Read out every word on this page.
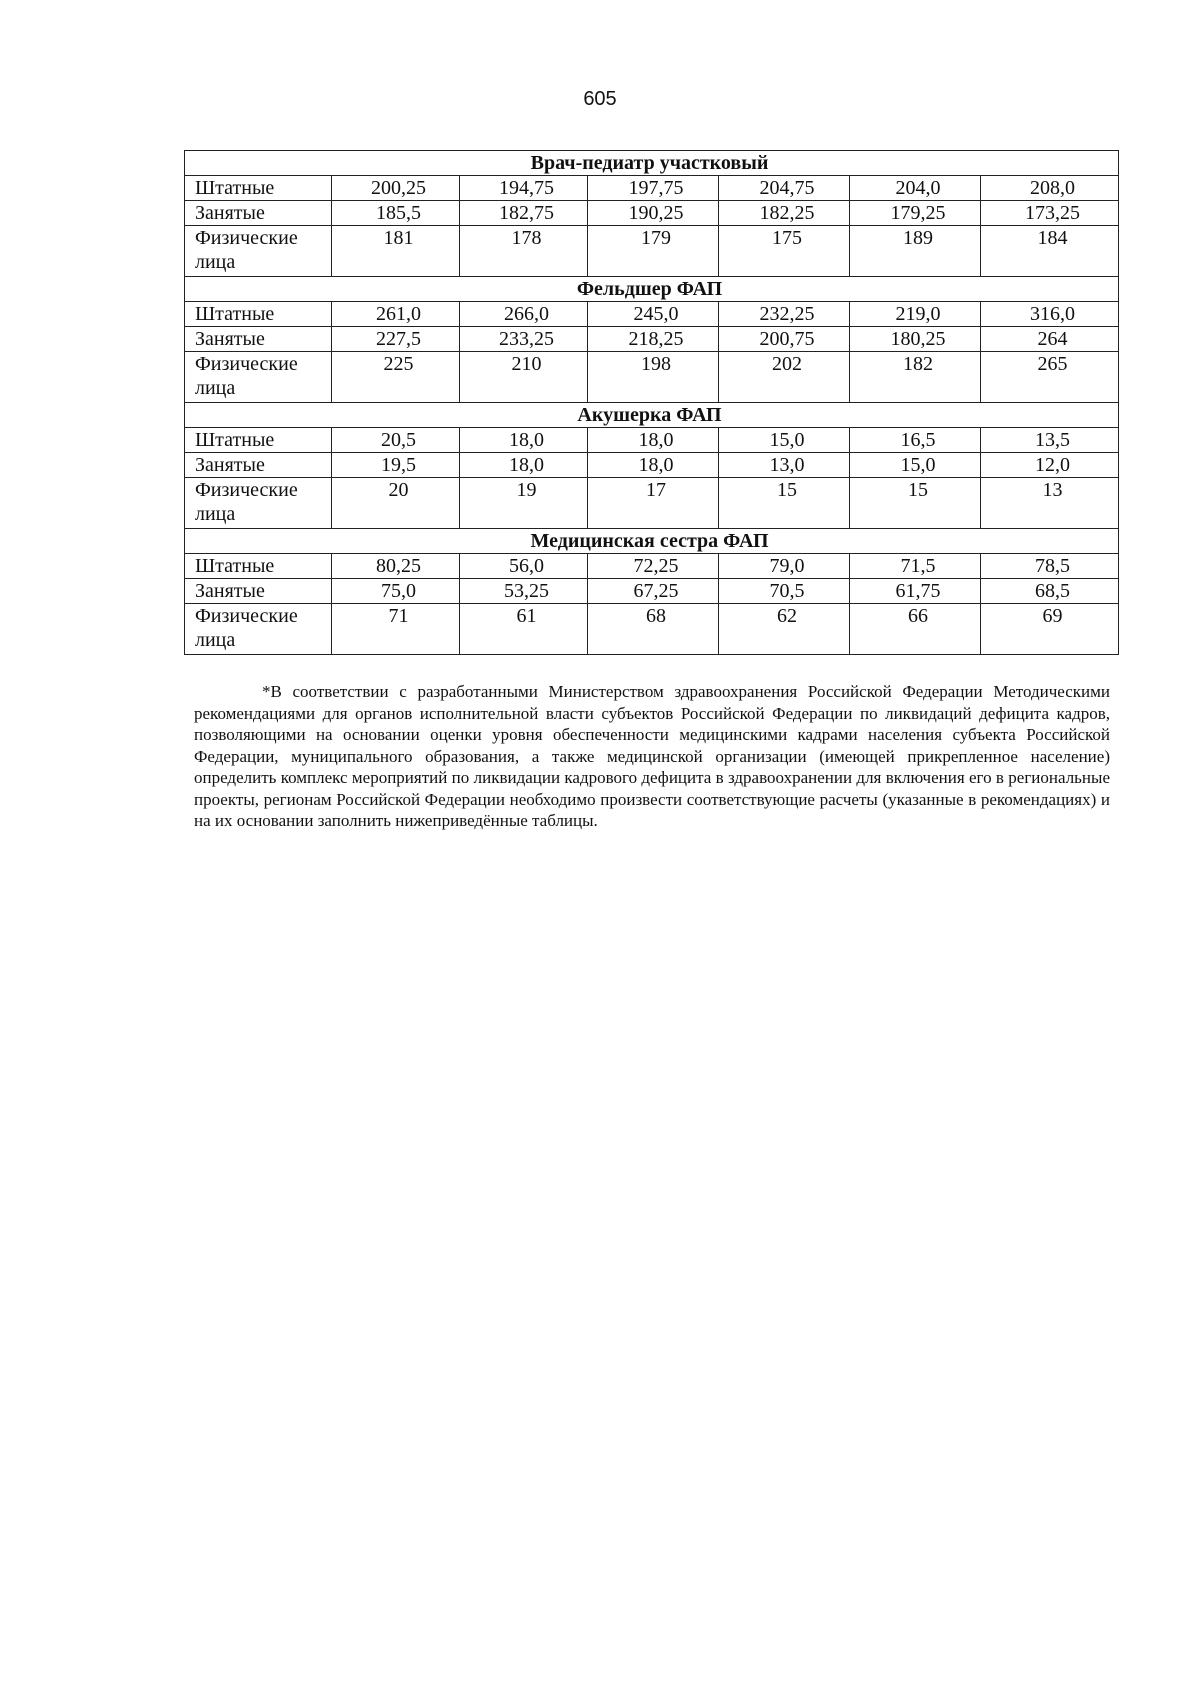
605
Врач-педиатр участковый						
Штатные	200,25	194,75	197,75	204,75	204,0	208,0
Занятые	185,5	182,75	190,25	182,25	179,25	173,25
Физические лица	181	178	179	175	189	184
Фельдшер ФАП						
Штатные	261,0	266,0	245,0	232,25	219,0	316,0
Занятые	227,5	233,25	218,25	200,75	180,25	264
Физические лица	225	210	198	202	182	265
Акушерка ФАП						
Штатные	20,5	18,0	18,0	15,0	16,5	13,5
Занятые	19,5	18,0	18,0	13,0	15,0	12,0
Физические лица	20	19	17	15	15	13
Медицинская сестра ФАП						
Штатные	80,25	56,0	72,25	79,0	71,5	78,5
Занятые	75,0	53,25	67,25	70,5	61,75	68,5
Физические лица	71	61	68	62	66	69
*В соответствии с разработанными Министерством здравоохранения Российской Федерации Методическими рекомендациями для органов исполнительной власти субъектов Российской Федерации по ликвидаций дефицита кадров, позволяющими на основании оценки уровня обеспеченности медицинскими кадрами населения субъекта Российской Федерации, муниципального образования, а также медицинской организации (имеющей прикрепленное население) определить комплекс мероприятий по ликвидации кадрового дефицита в здравоохранении для включения его в региональные проекты, регионам Российской Федерации необходимо произвести соответствующие расчеты (указанные в рекомендациях) и на их основании заполнить нижеприведённые таблицы.
